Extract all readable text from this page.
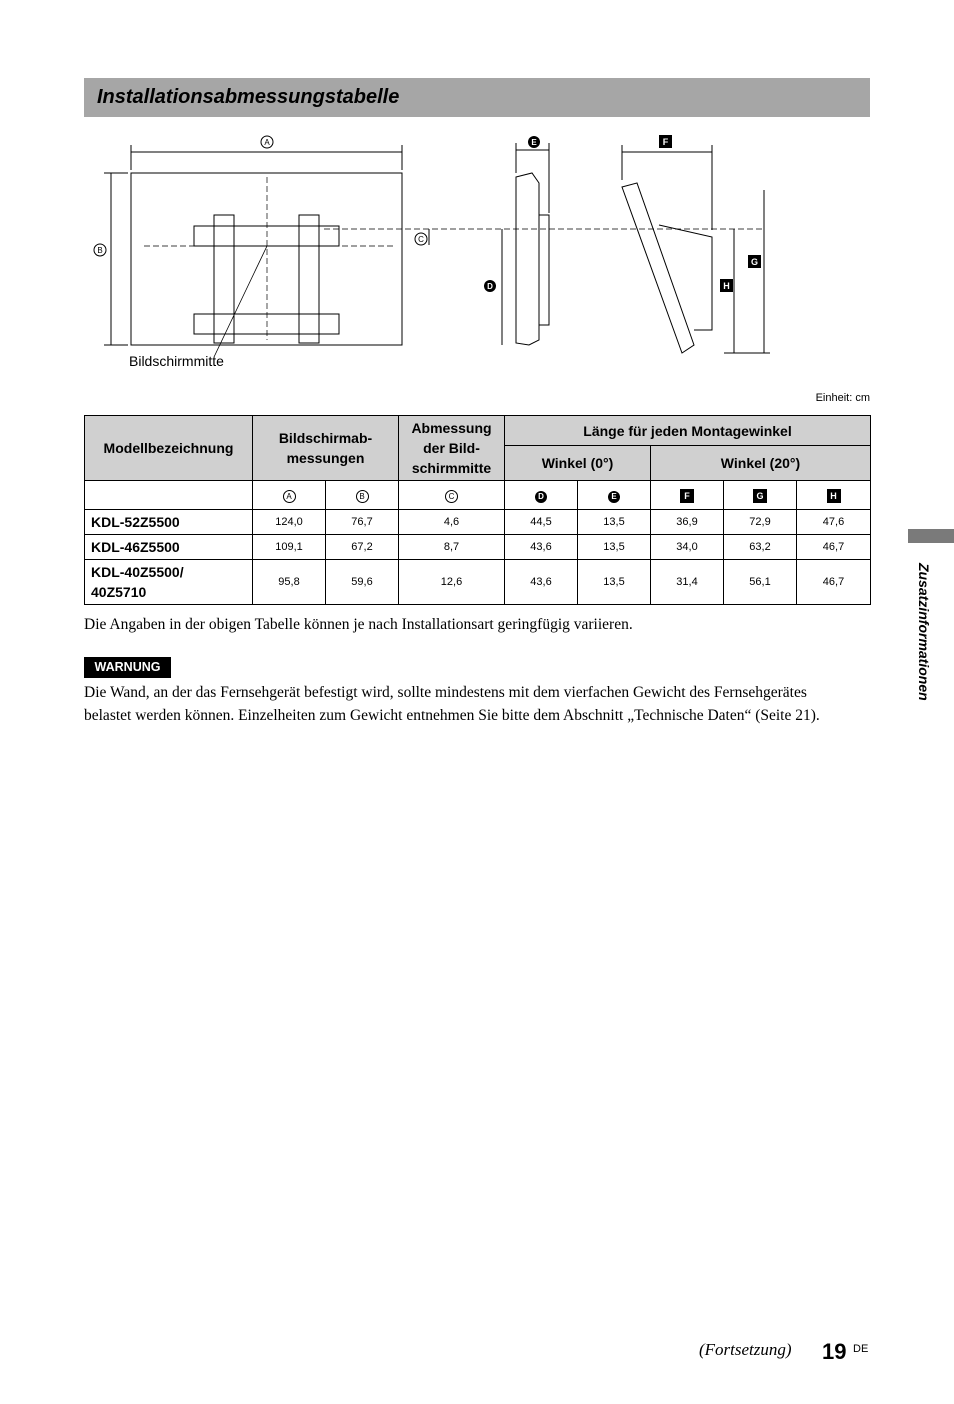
Installationsabmessungstabelle
A
B
C
D
E	F
G
H
Bildschirmmitte
Einheit: cm
Modellbezeichnung	Bildschirmab-messungen		Abmessung der Bild-schirmmitte	Länge für jeden Montagewinkel				
				Winkel (0°)		Winkel (20°)		
	A	B	C	D	E	F	G	H
KDL-52Z5500	124,0	76,7	4,6	44,5	13,5	36,9	72,9	47,6
KDL-46Z5500	109,1	67,2	8,7	43,6	13,5	34,0	63,2	46,7

KDL-40Z5500/
40Z5710	95,8	59,6	12,6	43,6	13,5	31,4	56,1	46,7
Die Angaben in der obigen Tabelle können je nach Installationsart geringfügig variieren.
WARNUNG
Die Wand, an der das Fernsehgerät befestigt wird, sollte mindestens mit dem vierfachen Gewicht des Fernsehgerätes belastet werden können. Einzelheiten zum Gewicht entnehmen Sie bitte dem Abschnitt „Technische Daten“ (Seite 21).
Zusatzinformationen
(Fortsetzung) 19 DE
